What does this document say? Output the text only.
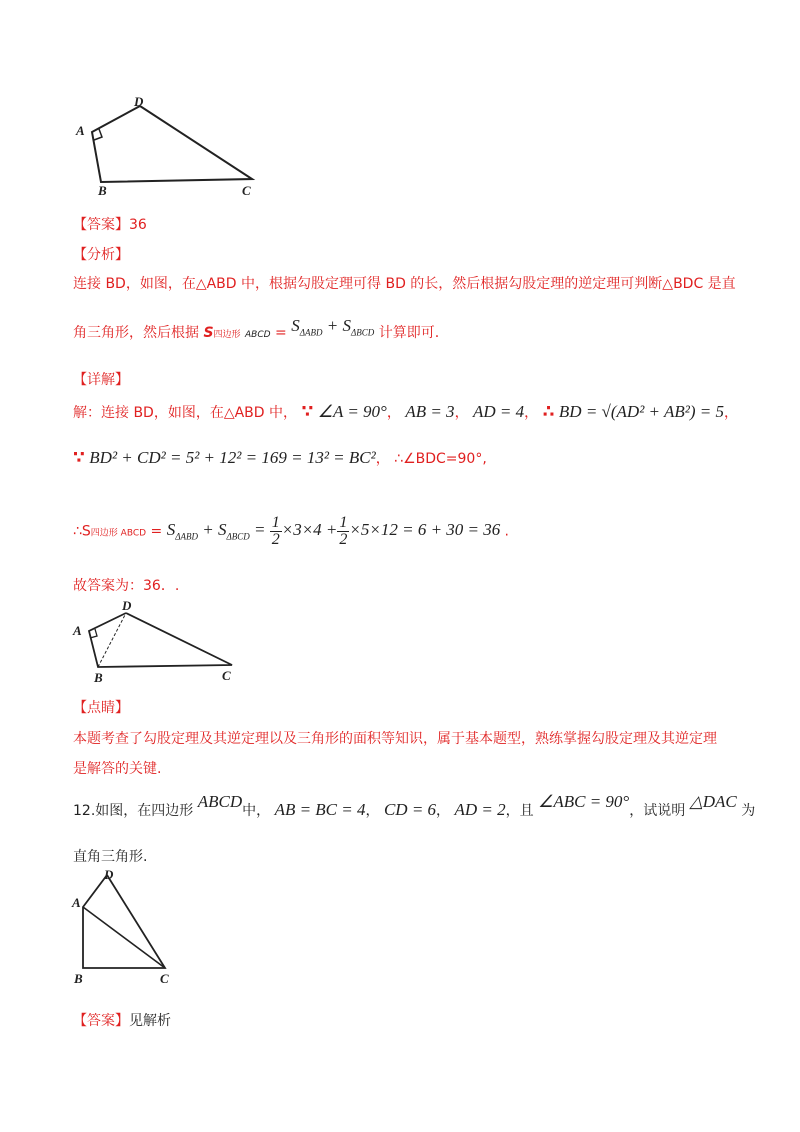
D
A
B	C
【答案】36
【分析】
连接 BD，如图，在△ABD 中，根据勾股定理可得 BD 的长，然后根据勾股定理的逆定理可判断△BDC 是直
角三角形，然后根据 S四边形 ABCD = $S_{\Delta ABD} + S_{\Delta BCD}$ 计算即可.
【详解】
解：连接 BD，如图，在△ABD 中， ∵ ∠A = 90°， AB = 3， AD = 4， ∴ BD = √(AD² + AB²) = 5，
∵ BD² + CD² = 5² + 12² = 169 = 13² = BC²， ∴∠BDC=90°,
∴S四边形 ABCD = $S_{\Delta ABD} + S_{\Delta BCD} = \frac{1}{2} \times 3\times 4 + \frac{1}{2} \times 5\times 12 = 6 + 30 = 36$ .
故答案为：36．.
D
A
B	C
【点睛】
本题考查了勾股定理及其逆定理以及三角形的面积等知识，属于基本题型，熟练掌握勾股定理及其逆定理
是解答的关键.
12.如图，在四边形 ABCD中， AB = BC = 4， CD = 6， AD = 2，且 ∠ABC = 90°，试说明 △DAC 为
直角三角形.
D
A
B	C
【答案】见解析
